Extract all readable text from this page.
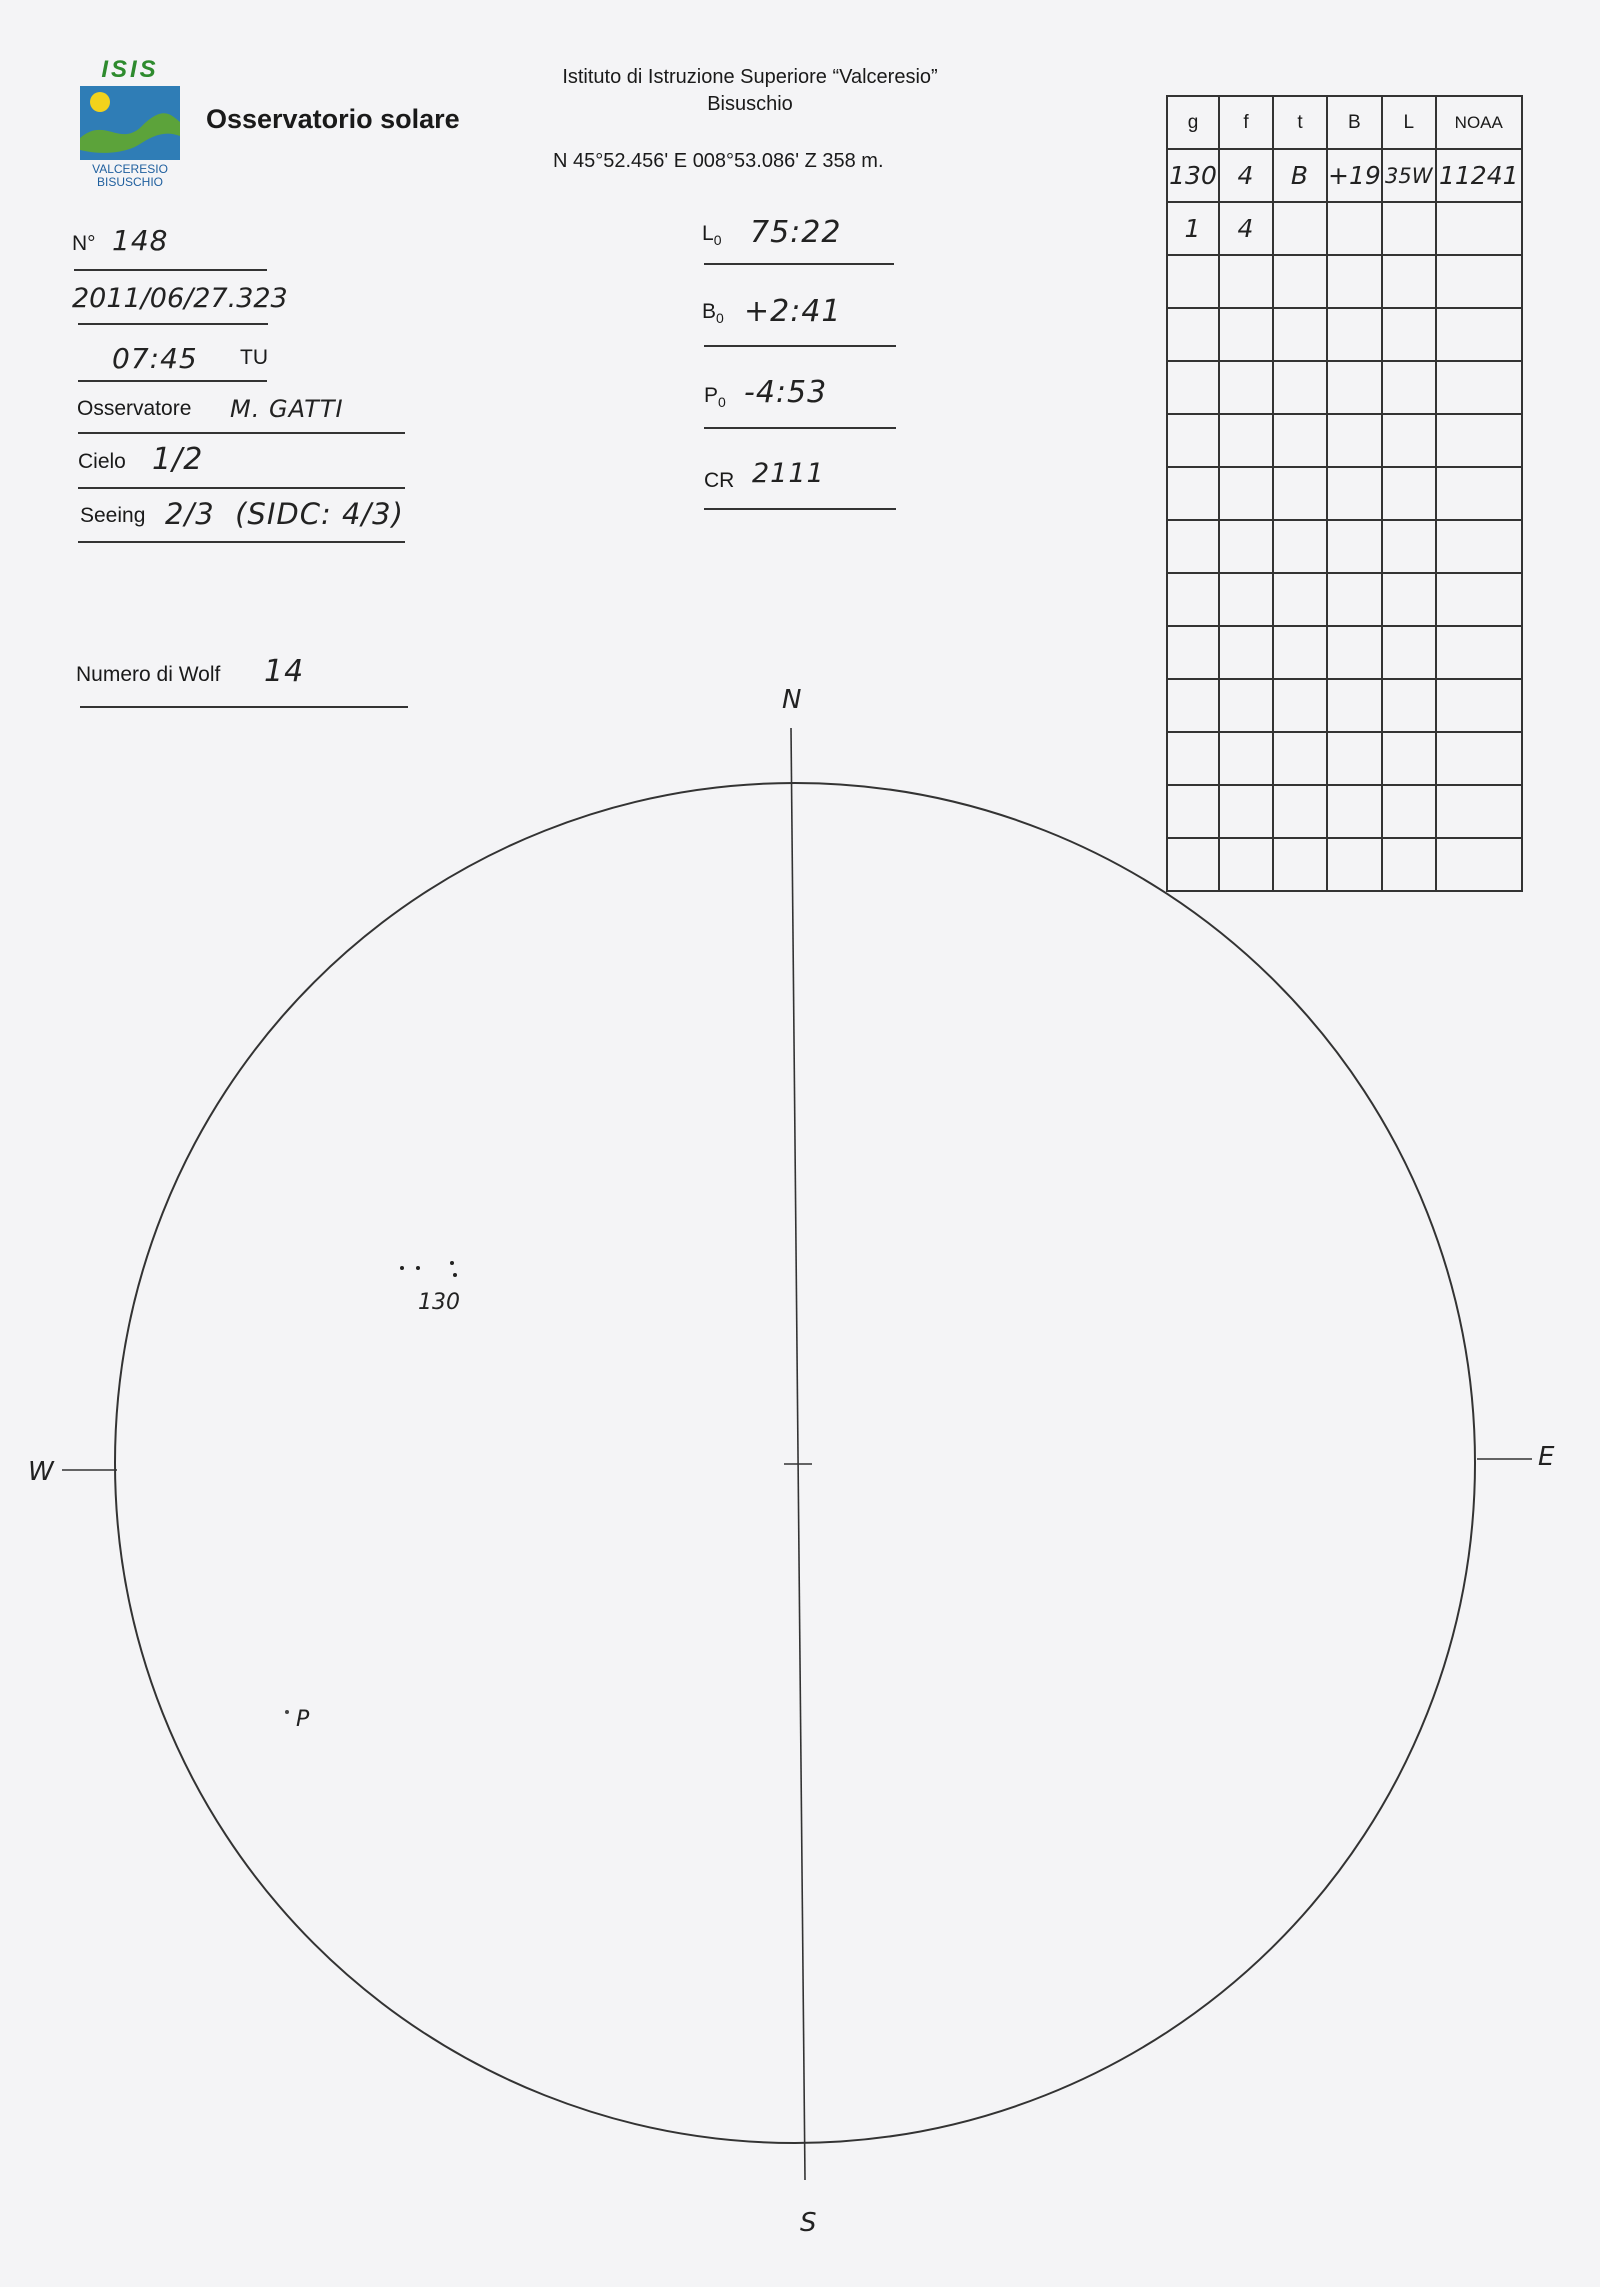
ISIS
VALCERESIO
BISUSCHIO
Osservatorio solare
Istituto di Istruzione Superiore “Valceresio”
Bisuschio
N 45°52.456' E 008°53.086' Z 358 m.
N° 148
2011/06/27.323
07:45 TU
Osservatore M. GATTI
Cielo 1/2
Seeing 2/3  (SIDC: 4/3)
Numero di Wolf 14
$L_0$ 75:22
$B_0$ +2:41
$P_0$ -4:53
CR 2111
g	f	t	B	L	NOAA
130	4	B	+19	35W	11241
1	4				

N
S
E
W
130
P
